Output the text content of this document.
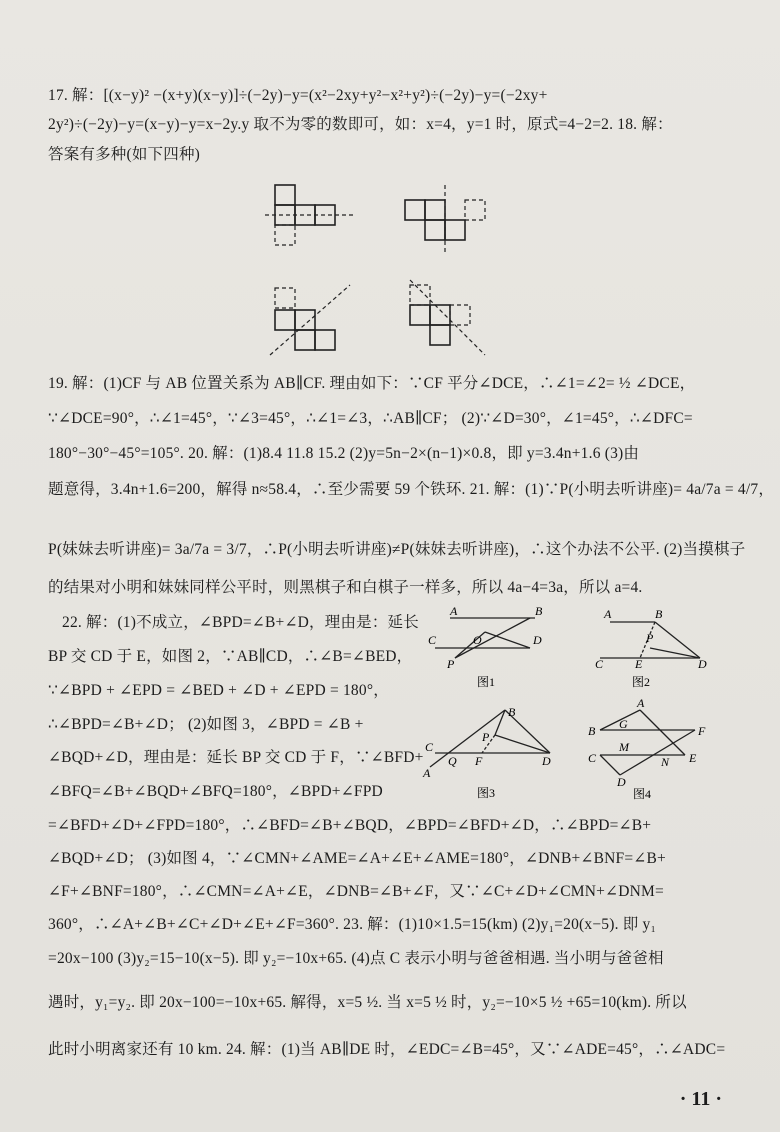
17. 解：[(x−y)² −(x+y)(x−y)]÷(−2y)−y=(x²−2xy+y²−x²+y²)÷(−2y)−y=(−2xy+
2y²)÷(−2y)−y=(x−y)−y=x−2y.y 取不为零的数即可，如：x=4，y=1 时，原式=4−2=2. 18. 解：
答案有多种(如下四种)
19. 解：(1)CF 与 AB 位置关系为 AB∥CF. 理由如下：∵CF 平分∠DCE，∴∠1=∠2= ½ ∠DCE，
∵∠DCE=90°，∴∠1=45°，∵∠3=45°，∴∠1=∠3，∴AB∥CF； (2)∵∠D=30°，∠1=45°，∴∠DFC=
180°−30°−45°=105°. 20. 解：(1)8.4 11.8 15.2 (2)y=5n−2×(n−1)×0.8，即 y=3.4n+1.6 (3)由
题意得，3.4n+1.6=200，解得 n≈58.4，∴至少需要 59 个铁环. 21. 解：(1)∵P(小明去听讲座)= 4a/7a = 4/7，
P(妹妹去听讲座)= 3a/7a = 3/7，∴P(小明去听讲座)≠P(妹妹去听讲座)，∴这个办法不公平. (2)当摸棋子
的结果对小明和妹妹同样公平时，则黑棋子和白棋子一样多，所以 4a−4=3a，所以 a=4.
22. 解：(1)不成立，∠BPD=∠B+∠D，理由是：延长
BP 交 CD 于 E，如图 2，∵AB∥CD，∴∠B=∠BED，
∵∠BPD + ∠EPD = ∠BED + ∠D + ∠EPD = 180°，
∴∠BPD=∠B+∠D； (2)如图 3，∠BPD = ∠B +
∠BQD+∠D，理由是：延长 BP 交 CD 于 F，∵∠BFD+
∠BFQ=∠B+∠BQD+∠BFQ=180°，∠BPD+∠FPD
A	B
C	O	D
P
图1
A	B
P
C	E	D
图2
B
P
C
Q F	D
A
图3
A
G
B	F
M
C	N E
D
图4
=∠BFD+∠D+∠FPD=180°，∴∠BFD=∠B+∠BQD，∠BPD=∠BFD+∠D，∴∠BPD=∠B+
∠BQD+∠D； (3)如图 4，∵∠CMN+∠AME=∠A+∠E+∠AME=180°，∠DNB+∠BNF=∠B+
∠F+∠BNF=180°，∴∠CMN=∠A+∠E，∠DNB=∠B+∠F，又∵∠C+∠D+∠CMN+∠DNM=
360°，∴∠A+∠B+∠C+∠D+∠E+∠F=360°. 23. 解：(1)10×1.5=15(km) (2)y₁=20(x−5). 即 y₁
=20x−100 (3)y₂=15−10(x−5). 即 y₂=−10x+65. (4)点 C 表示小明与爸爸相遇. 当小明与爸爸相
遇时，y₁=y₂. 即 20x−100=−10x+65. 解得，x=5 ½. 当 x=5 ½ 时，y₂=−10×5 ½ +65=10(km). 所以
此时小明离家还有 10 km. 24. 解：(1)当 AB∥DE 时，∠EDC=∠B=45°，又∵∠ADE=45°，∴∠ADC=
· 11 ·
